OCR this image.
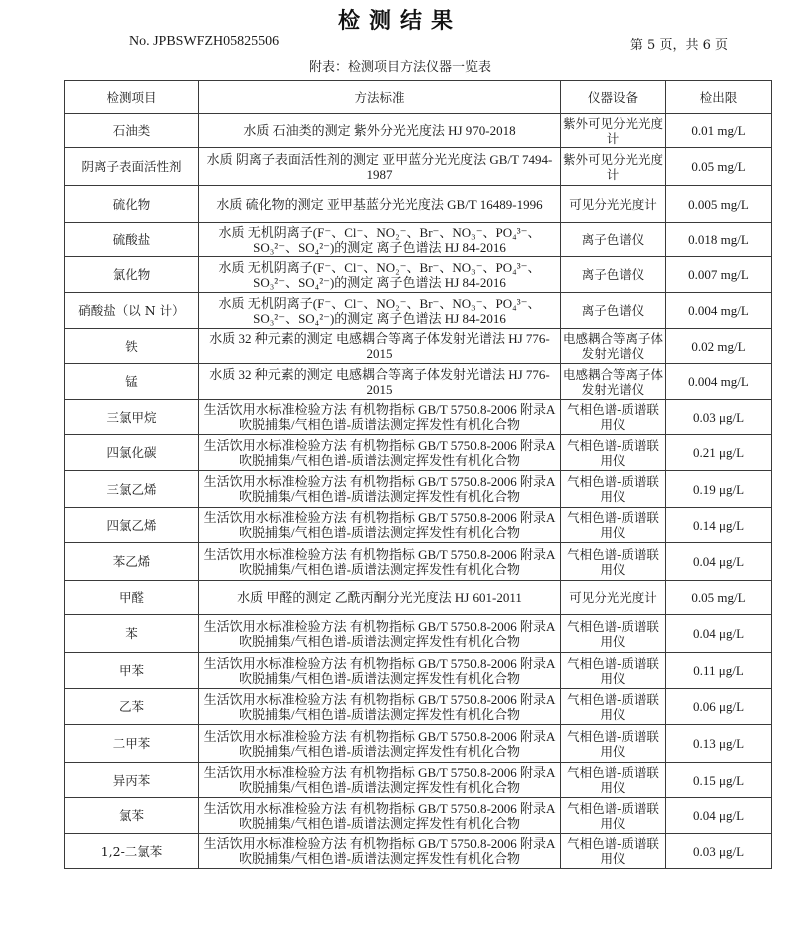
检测结果
No. JPBSWFZH05825506	第 5 页，共 6 页
附表：检测项目方法仪器一览表
检测项目	方法标准	仪器设备	检出限
石油类	水质 石油类的测定 紫外分光光度法 HJ 970-2018	紫外可见分光光度计	0.01 mg/L
阴离子表面活性剂	水质 阴离子表面活性剂的测定 亚甲蓝分光光度法 GB/T 7494-1987	紫外可见分光光度计	0.05 mg/L
硫化物	水质 硫化物的测定 亚甲基蓝分光光度法 GB/T 16489-1996	可见分光光度计	0.005 mg/L
硫酸盐	水质 无机阴离子(F⁻、Cl⁻、NO₂⁻、Br⁻、NO₃⁻、PO₄³⁻、SO₃²⁻、SO₄²⁻)的测定 离子色谱法 HJ 84-2016	离子色谱仪	0.018 mg/L
氯化物	水质 无机阴离子(F⁻、Cl⁻、NO₂⁻、Br⁻、NO₃⁻、PO₄³⁻、SO₃²⁻、SO₄²⁻)的测定 离子色谱法 HJ 84-2016	离子色谱仪	0.007 mg/L
硝酸盐（以 N 计）	水质 无机阴离子(F⁻、Cl⁻、NO₂⁻、Br⁻、NO₃⁻、PO₄³⁻、SO₃²⁻、SO₄²⁻)的测定 离子色谱法 HJ 84-2016	离子色谱仪	0.004 mg/L
铁	水质 32 种元素的测定 电感耦合等离子体发射光谱法 HJ 776-2015	电感耦合等离子体发射光谱仪	0.02 mg/L
锰	水质 32 种元素的测定 电感耦合等离子体发射光谱法 HJ 776-2015	电感耦合等离子体发射光谱仪	0.004 mg/L
三氯甲烷	生活饮用水标准检验方法 有机物指标 GB/T 5750.8-2006 附录A 吹脱捕集/气相色谱-质谱法测定挥发性有机化合物	气相色谱-质谱联用仪	0.03 μg/L
四氯化碳	生活饮用水标准检验方法 有机物指标 GB/T 5750.8-2006 附录A 吹脱捕集/气相色谱-质谱法测定挥发性有机化合物	气相色谱-质谱联用仪	0.21 μg/L
三氯乙烯	生活饮用水标准检验方法 有机物指标 GB/T 5750.8-2006 附录A 吹脱捕集/气相色谱-质谱法测定挥发性有机化合物	气相色谱-质谱联用仪	0.19 μg/L
四氯乙烯	生活饮用水标准检验方法 有机物指标 GB/T 5750.8-2006 附录A 吹脱捕集/气相色谱-质谱法测定挥发性有机化合物	气相色谱-质谱联用仪	0.14 μg/L
苯乙烯	生活饮用水标准检验方法 有机物指标 GB/T 5750.8-2006 附录A 吹脱捕集/气相色谱-质谱法测定挥发性有机化合物	气相色谱-质谱联用仪	0.04 μg/L
甲醛	水质 甲醛的测定 乙酰丙酮分光光度法 HJ 601-2011	可见分光光度计	0.05 mg/L
苯	生活饮用水标准检验方法 有机物指标 GB/T 5750.8-2006 附录A 吹脱捕集/气相色谱-质谱法测定挥发性有机化合物	气相色谱-质谱联用仪	0.04 μg/L
甲苯	生活饮用水标准检验方法 有机物指标 GB/T 5750.8-2006 附录A 吹脱捕集/气相色谱-质谱法测定挥发性有机化合物	气相色谱-质谱联用仪	0.11 μg/L
乙苯	生活饮用水标准检验方法 有机物指标 GB/T 5750.8-2006 附录A 吹脱捕集/气相色谱-质谱法测定挥发性有机化合物	气相色谱-质谱联用仪	0.06 μg/L
二甲苯	生活饮用水标准检验方法 有机物指标 GB/T 5750.8-2006 附录A 吹脱捕集/气相色谱-质谱法测定挥发性有机化合物	气相色谱-质谱联用仪	0.13 μg/L
异丙苯	生活饮用水标准检验方法 有机物指标 GB/T 5750.8-2006 附录A 吹脱捕集/气相色谱-质谱法测定挥发性有机化合物	气相色谱-质谱联用仪	0.15 μg/L
氯苯	生活饮用水标准检验方法 有机物指标 GB/T 5750.8-2006 附录A 吹脱捕集/气相色谱-质谱法测定挥发性有机化合物	气相色谱-质谱联用仪	0.04 μg/L
1,2-二氯苯	生活饮用水标准检验方法 有机物指标 GB/T 5750.8-2006 附录A 吹脱捕集/气相色谱-质谱法测定挥发性有机化合物	气相色谱-质谱联用仪	0.03 μg/L
